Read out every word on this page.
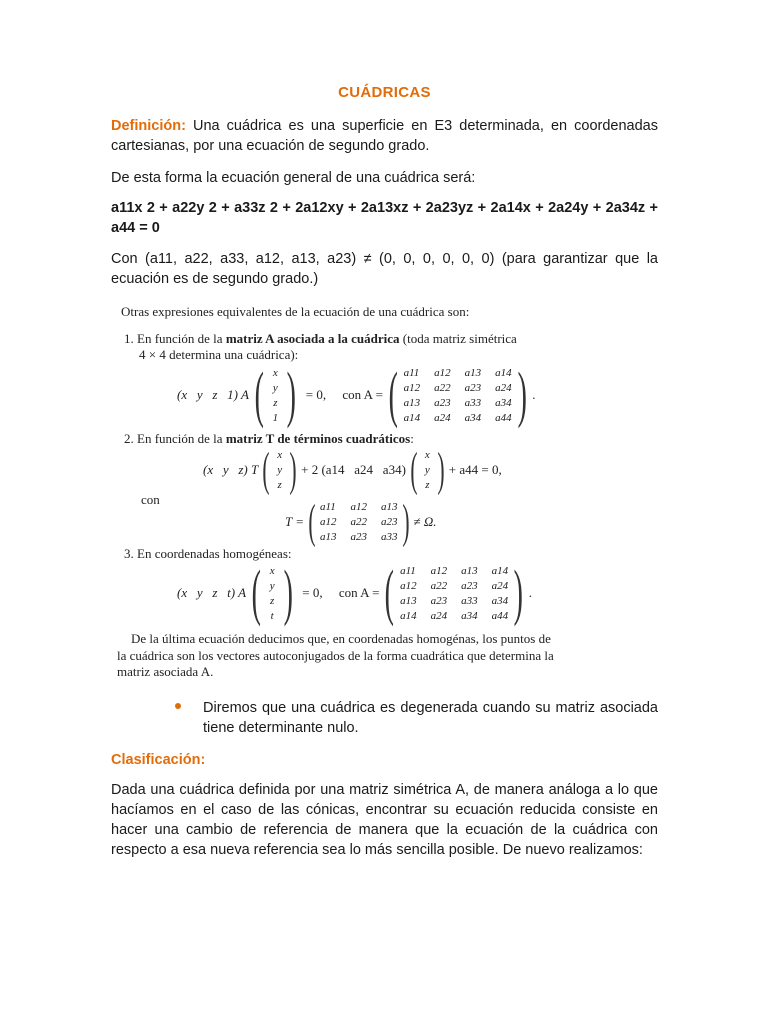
CUÁDRICAS
Definición: Una cuádrica es una superficie en E3 determinada, en coordenadas cartesianas, por una ecuación de segundo grado.
De esta forma la ecuación general de una cuádrica será:
a11x 2 + a22y 2 + a33z 2 + 2a12xy + 2a13xz + 2a23yz + 2a14x + 2a24y + 2a34z + a44 = 0
Con (a11, a22, a33, a12, a13, a23) ≠ (0, 0, 0, 0, 0, 0) (para garantizar que la ecuación es de segundo grado.)
Otras expresiones equivalentes de la ecuación de una cuádrica son:
1. En función de la matriz A asociada a la cuádrica (toda matriz simétrica
4 × 4 determina una cuádrica):
(x   y   z   1) A ( x
y
z
1 ) = 0,     con A = ( a11 a12 a13 a14
a12 a22 a23 a24
a13 a23 a33 a34
a14 a24 a34 a44 ) .
2. En función de la matriz T de términos cuadráticos:
(x   y   z) T ( x
y
z ) + 2 (a14   a24   a34) ( x
y
z ) + a44 = 0,
con
T = ( a11 a12 a13
a12 a22 a23
a13 a23 a33 ) ≠ Ω.
3. En coordenadas homogéneas:
(x   y   z   t) A ( x
y
z
t ) = 0,     con A = ( a11 a12 a13 a14
a12 a22 a23 a24
a13 a23 a33 a34
a14 a24 a34 a44 ) .
De la última ecuación deducimos que, en coordenadas homogénas, los puntos de
la cuádrica son los vectores autoconjugados de la forma cuadrática que determina la
matriz asociada A.
Diremos que una cuádrica es degenerada cuando su matriz asociada tiene determinante nulo.
Clasificación:
Dada una cuádrica definida por una matriz simétrica A, de manera análoga a lo que hacíamos en el caso de las cónicas, encontrar su ecuación reducida consiste en hacer una cambio de referencia de manera que la ecuación de la cuádrica con respecto a esa nueva referencia sea lo más sencilla posible. De nuevo realizamos:
